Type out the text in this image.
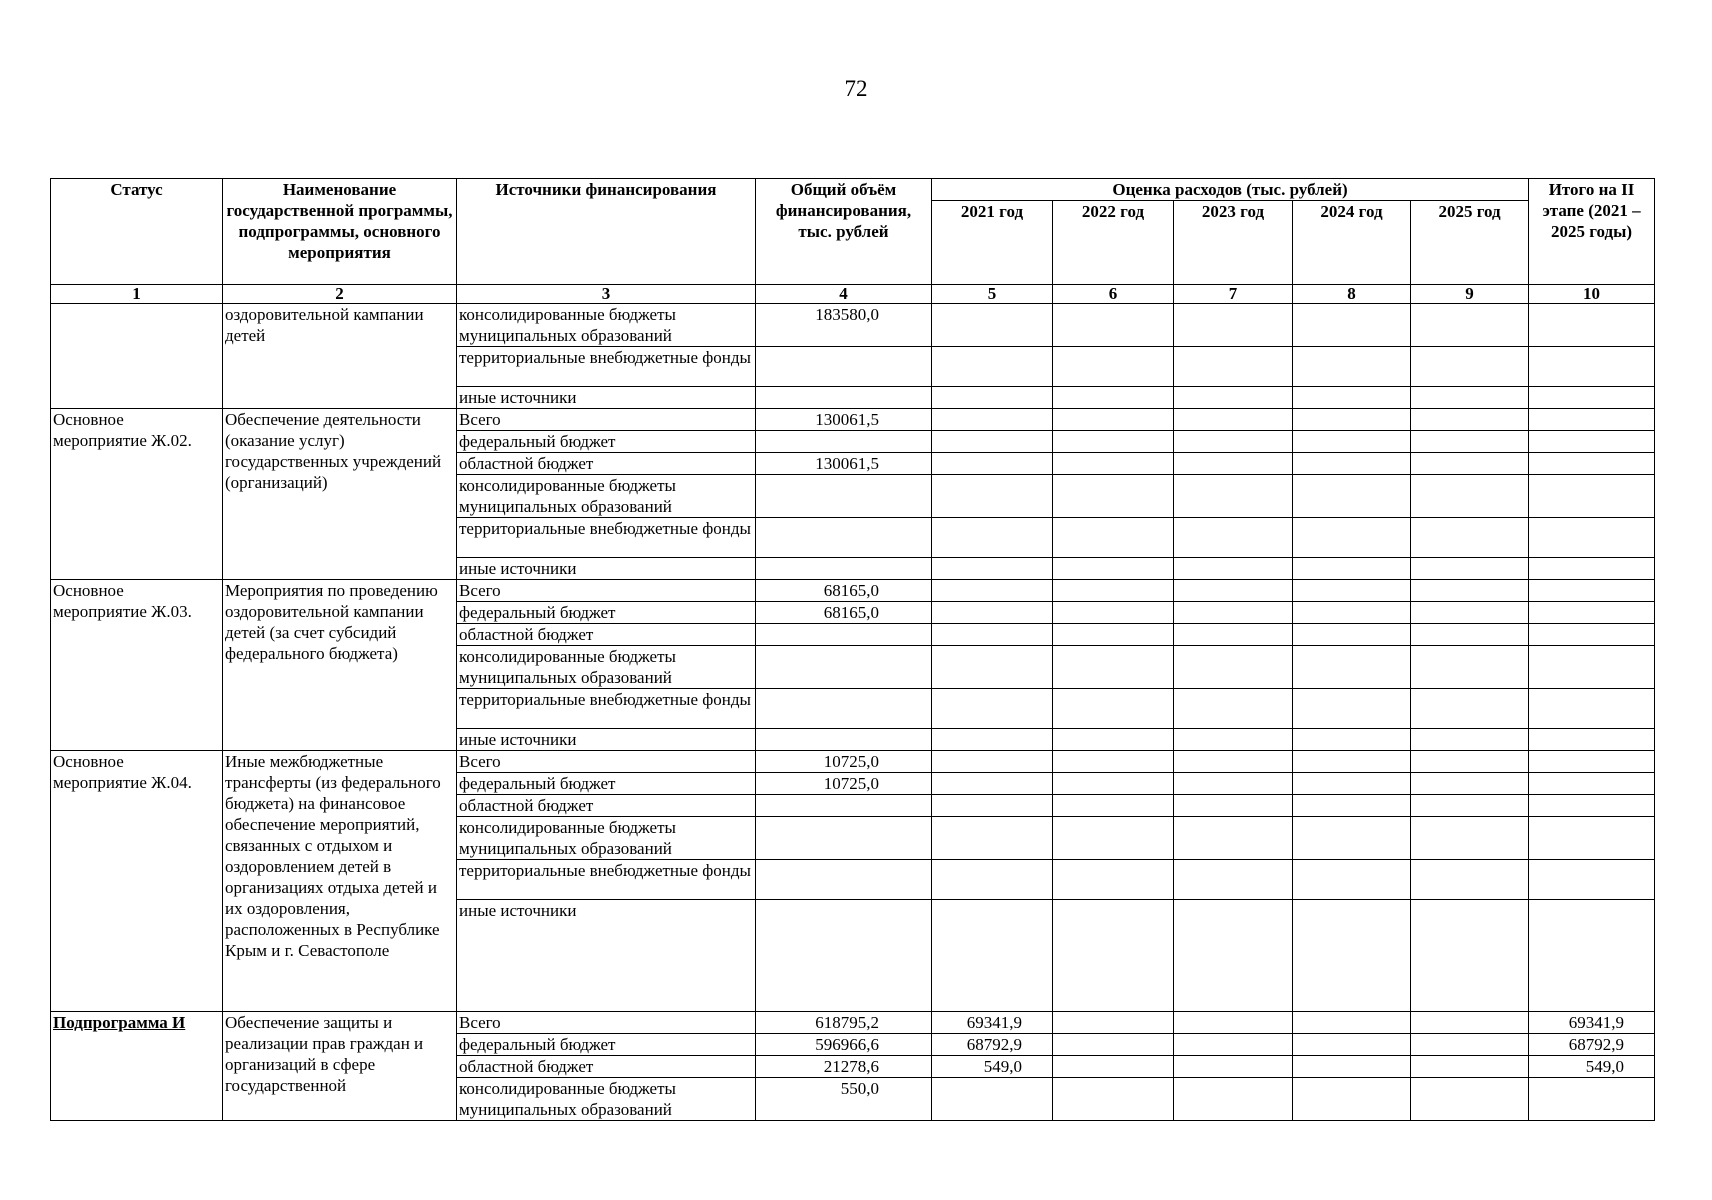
72
Статус	Наименование государственной программы, подпрограммы, основного мероприятия	Источники финансирования	Общий объём финансирования, тыс. рублей	Оценка расходов (тыс. рублей)					Итого на II этапе (2021 – 2025 годы)
				2021 год	2022 год	2023 год	2024 год	2025 год	
1	2	3	4	5	6	7	8	9	10
	оздоровительной кампании детей	консолидированные бюджеты муниципальных образований	183580,0						
		территориальные внебюджетные фонды							
		иные источники							
Основное мероприятие Ж.02.	Обеспечение деятельности (оказание услуг) государственных учреждений (организаций)	Всего	130061,5						
		федеральный бюджет							
		областной бюджет	130061,5						
		консолидированные бюджеты муниципальных образований							
		территориальные внебюджетные фонды							
		иные источники							
Основное мероприятие Ж.03.	Мероприятия по проведению оздоровительной кампании детей (за счет субсидий федерального бюджета)	Всего	68165,0						
		федеральный бюджет	68165,0						
		областной бюджет							
		консолидированные бюджеты муниципальных образований							
		территориальные внебюджетные фонды							
		иные источники							
Основное мероприятие Ж.04.	Иные межбюджетные трансферты (из федерального бюджета) на финансовое обеспечение мероприятий, связанных с отдыхом и оздоровлением детей в организациях отдыха детей и их оздоровления, расположенных в Республике Крым и г. Севастополе	Всего	10725,0						
		федеральный бюджет	10725,0						
		областной бюджет							
		консолидированные бюджеты муниципальных образований							
		территориальные внебюджетные фонды							
		иные источники							
Подпрограмма И	Обеспечение защиты и реализации прав граждан и организаций в сфере государственной	Всего	618795,2	69341,9					69341,9
		федеральный бюджет	596966,6	68792,9					68792,9
		областной бюджет	21278,6	549,0					549,0
		консолидированные бюджеты муниципальных образований	550,0						
